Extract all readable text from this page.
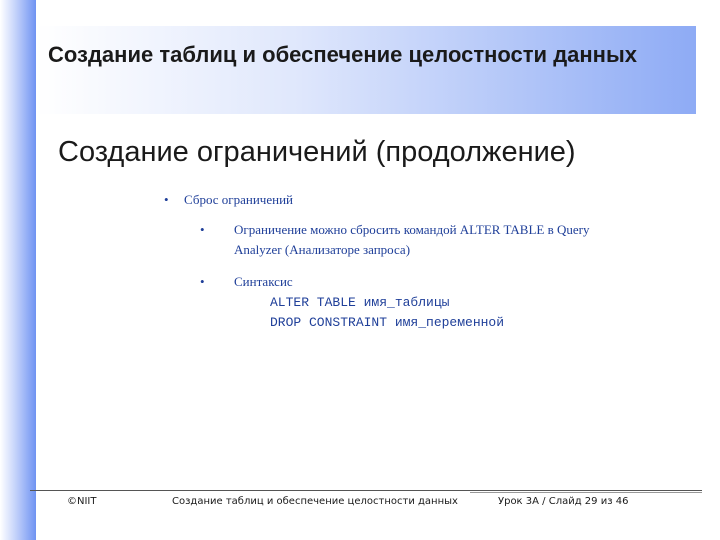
Создание таблиц и обеспечение целостности данных
Создание ограничений (продолжение)
• Сброс ограничений
• Ограничение можно сбросить командой ALTER TABLE в Query Analyzer (Анализаторе запроса)
• Синтаксис
ALTER TABLE имя_таблицы
DROP CONSTRAINT имя_переменной
©NIIT	Создание таблиц и обеспечение целостности данных	Урок 3А / Слайд 29 из 46
